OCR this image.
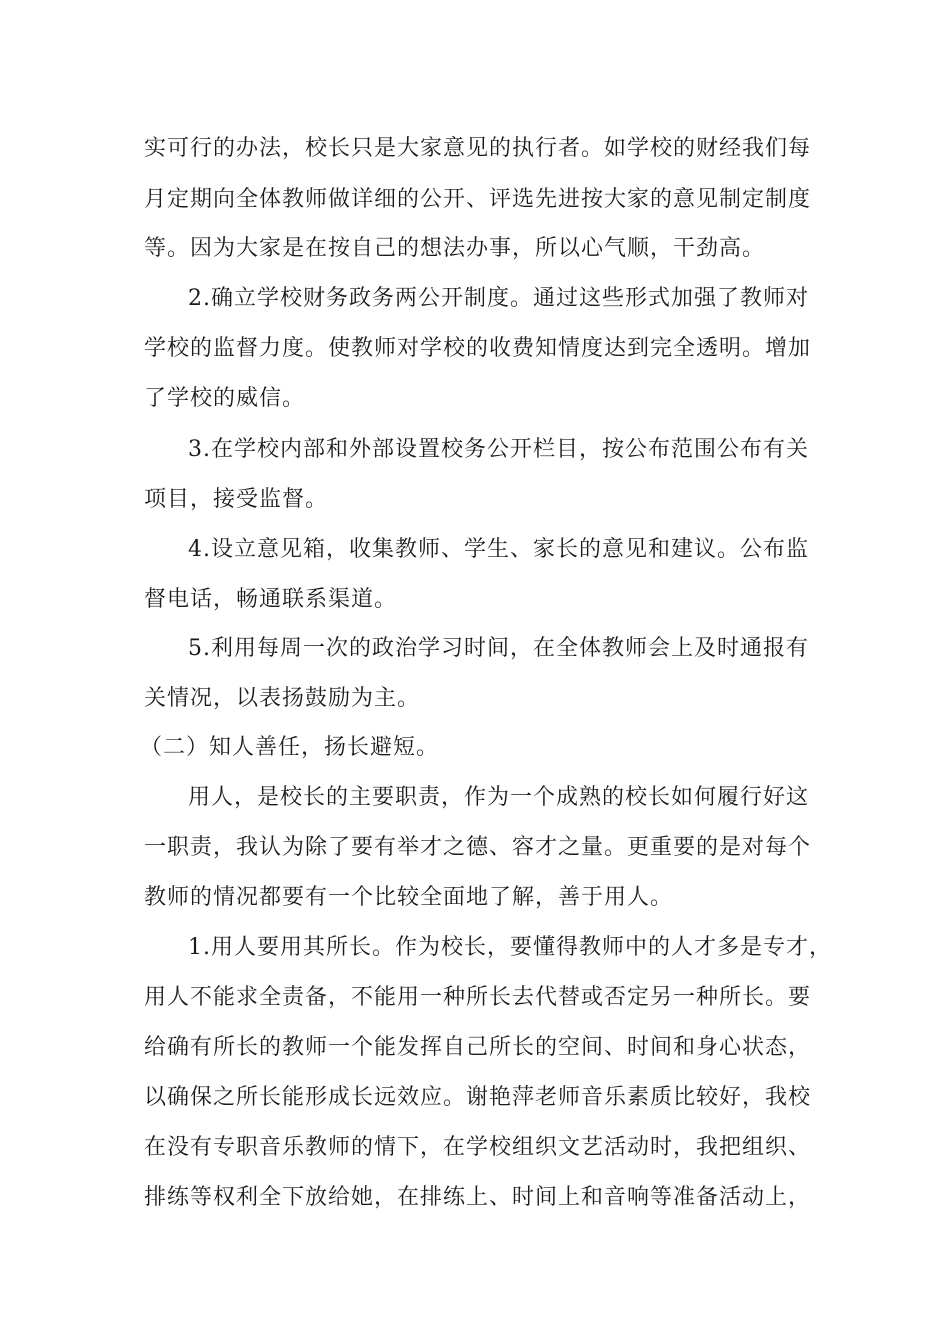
实可行的办法，校长只是大家意见的执行者。如学校的财经我们每
月定期向全体教师做详细的公开、评选先进按大家的意见制定制度
等。因为大家是在按自己的想法办事，所以心气顺，干劲高。
2.确立学校财务政务两公开制度。通过这些形式加强了教师对
学校的监督力度。使教师对学校的收费知情度达到完全透明。增加
了学校的威信。
3.在学校内部和外部设置校务公开栏目，按公布范围公布有关
项目，接受监督。
4.设立意见箱，收集教师、学生、家长的意见和建议。公布监
督电话，畅通联系渠道。
5.利用每周一次的政治学习时间，在全体教师会上及时通报有
关情况，以表扬鼓励为主。
（二）知人善任，扬长避短。
用人，是校长的主要职责，作为一个成熟的校长如何履行好这
一职责，我认为除了要有举才之德、容才之量。更重要的是对每个
教师的情况都要有一个比较全面地了解，善于用人。
1.用人要用其所长。作为校长，要懂得教师中的人才多是专才，
用人不能求全责备，不能用一种所长去代替或否定另一种所长。要
给确有所长的教师一个能发挥自己所长的空间、时间和身心状态，
以确保之所长能形成长远效应。谢艳萍老师音乐素质比较好，我校
在没有专职音乐教师的情下，在学校组织文艺活动时，我把组织、
排练等权利全下放给她，在排练上、时间上和音响等准备活动上，
